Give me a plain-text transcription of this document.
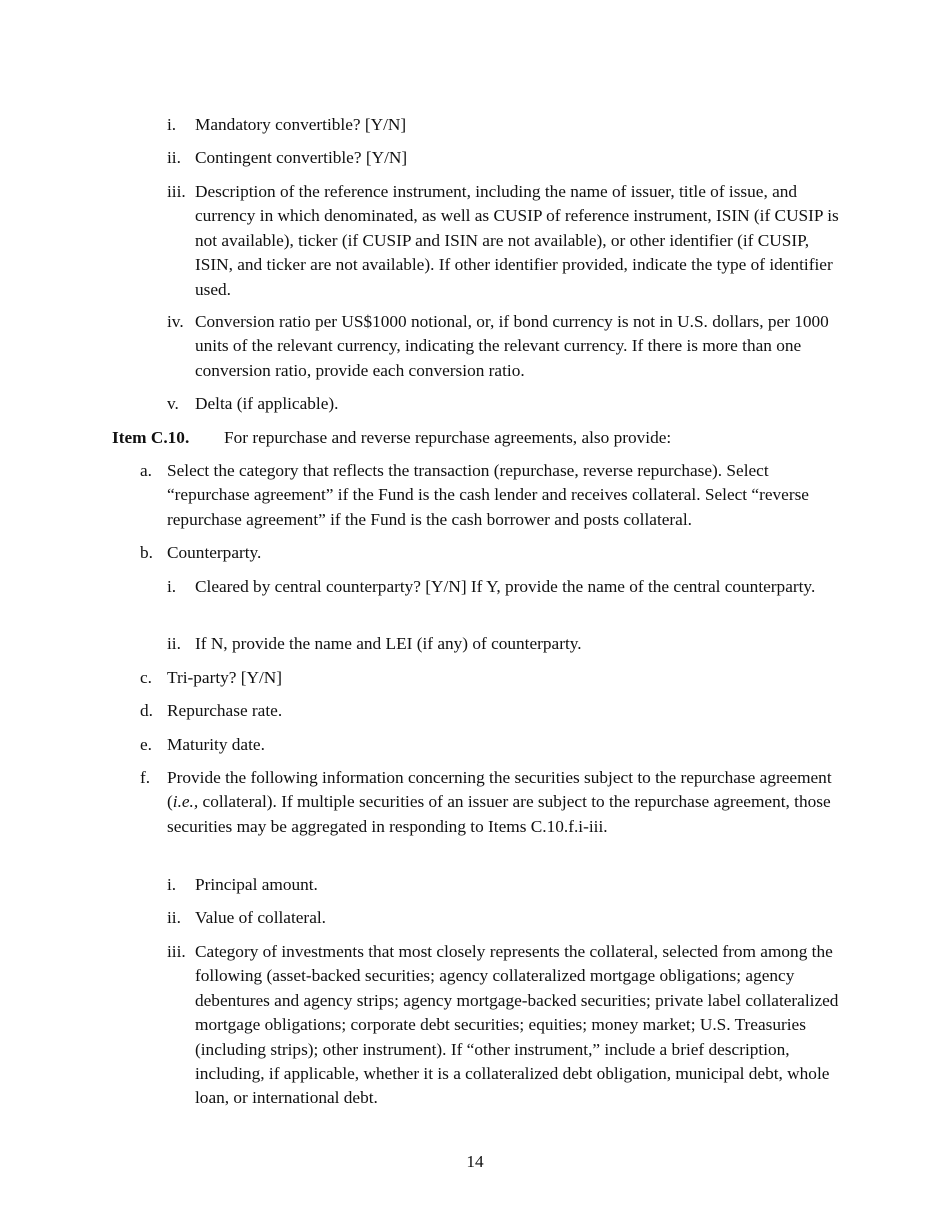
i.	Mandatory convertible? [Y/N]
ii. Contingent convertible? [Y/N]
iii. Description of the reference instrument, including the name of issuer, title of issue, and currency in which denominated, as well as CUSIP of reference instrument, ISIN (if CUSIP is not available), ticker (if CUSIP and ISIN are not available), or other identifier (if CUSIP, ISIN, and ticker are not available). If other identifier provided, indicate the type of identifier used.
iv. Conversion ratio per US$1000 notional, or, if bond currency is not in U.S. dollars, per 1000 units of the relevant currency, indicating the relevant currency. If there is more than one conversion ratio, provide each conversion ratio.
v. Delta (if applicable).
Item C.10. For repurchase and reverse repurchase agreements, also provide:
a. Select the category that reflects the transaction (repurchase, reverse repurchase). Select “repurchase agreement” if the Fund is the cash lender and receives collateral. Select “reverse repurchase agreement” if the Fund is the cash borrower and posts collateral.
b. Counterparty.
i.	Cleared by central counterparty? [Y/N] If Y, provide the name of the central counterparty.
ii. If N, provide the name and LEI (if any) of counterparty.
c. Tri-party? [Y/N]
d. Repurchase rate.
e. Maturity date.
f. Provide the following information concerning the securities subject to the repurchase agreement (i.e., collateral). If multiple securities of an issuer are subject to the repurchase agreement, those securities may be aggregated in responding to Items C.10.f.i-iii.
i.	Principal amount.
ii. Value of collateral.
iii. Category of investments that most closely represents the collateral, selected from among the following (asset-backed securities; agency collateralized mortgage obligations; agency debentures and agency strips; agency mortgage-backed securities; private label collateralized mortgage obligations; corporate debt securities; equities; money market; U.S. Treasuries (including strips); other instrument). If “other instrument,” include a brief description, including, if applicable, whether it is a collateralized debt obligation, municipal debt, whole loan, or international debt.
14
